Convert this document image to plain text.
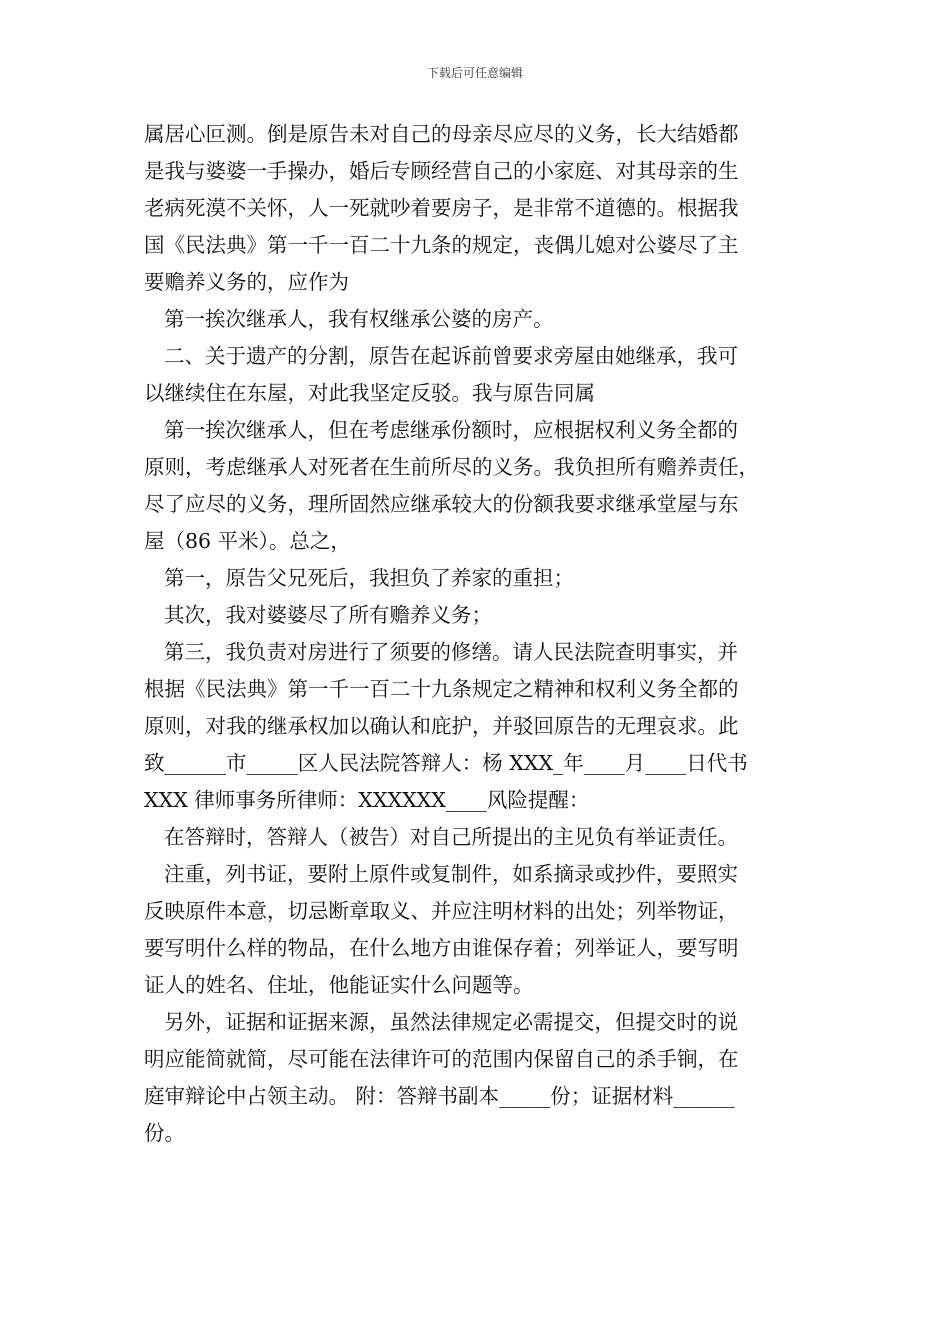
下载后可任意编辑
属居心叵测。倒是原告未对自己的母亲尽应尽的义务，长大结婚都
是我与婆婆一手操办，婚后专顾经营自己的小家庭、对其母亲的生
老病死漠不关怀，人一死就吵着要房子，是非常不道德的。根据我
国《民法典》第一千一百二十九条的规定，丧偶儿媳对公婆尽了主
要赡养义务的，应作为
第一挨次继承人，我有权继承公婆的房产。
二、关于遗产的分割，原告在起诉前曾要求旁屋由她继承，我可
以继续住在东屋，对此我坚定反驳。我与原告同属
第一挨次继承人，但在考虑继承份额时，应根据权利义务全都的
原则，考虑继承人对死者在生前所尽的义务。我负担所有赡养责任，
尽了应尽的义务，理所固然应继承较大的份额我要求继承堂屋与东
屋（86 平米）。总之，
第一，原告父兄死后，我担负了养家的重担；
其次，我对婆婆尽了所有赡养义务；
第三，我负责对房进行了须要的修缮。请人民法院查明事实，并
根据《民法典》第一千一百二十九条规定之精神和权利义务全都的
原则，对我的继承权加以确认和庇护，并驳回原告的无理哀求。此
致______市_____区人民法院答辩人：杨 XXX_年____月____日代书
XXX 律师事务所律师：XXXXXX____风险提醒：
在答辩时，答辩人（被告）对自己所提出的主见负有举证责任。
注重，列书证，要附上原件或复制件，如系摘录或抄件，要照实
反映原件本意，切忌断章取义、并应注明材料的出处；列举物证，
要写明什么样的物品，在什么地方由谁保存着；列举证人，要写明
证人的姓名、住址，他能证实什么问题等。
另外，证据和证据来源，虽然法律规定必需提交，但提交时的说
明应能简就简，尽可能在法律许可的范围内保留自己的杀手锏，在
庭审辩论中占领主动。 附：答辩书副本_____份；证据材料______
份。
